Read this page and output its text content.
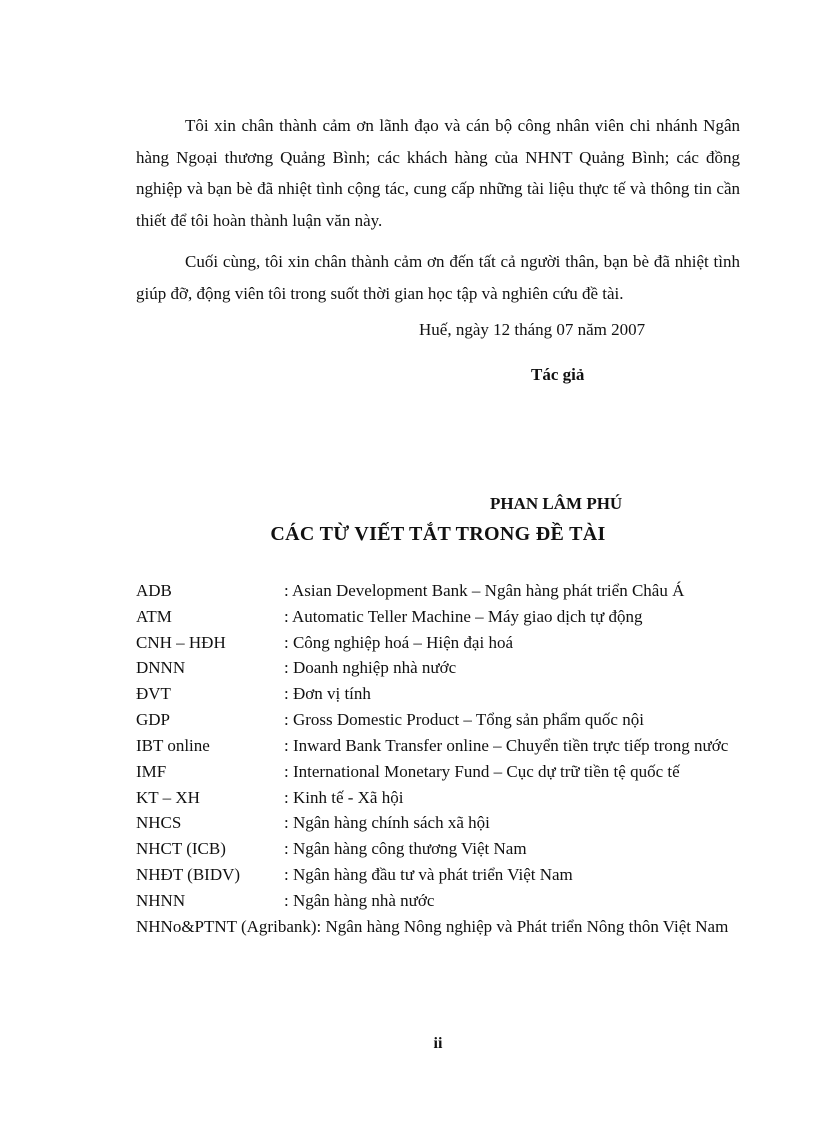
Tôi xin chân thành cảm ơn lãnh đạo và cán bộ công nhân viên chi nhánh Ngân hàng Ngoại thương Quảng Bình; các khách hàng của NHNT Quảng Bình; các đồng nghiệp và bạn bè đã nhiệt tình cộng tác, cung cấp những tài liệu thực tế và thông tin cần thiết để tôi hoàn thành luận văn này.
Cuối cùng, tôi xin chân thành cảm ơn đến tất cả người thân, bạn bè đã nhiệt tình giúp đỡ, động viên tôi trong suốt thời gian học tập và nghiên cứu đề tài.
Huế, ngày 12 tháng 07 năm 2007
Tác giả
PHAN LÂM PHÚ
CÁC TỪ VIẾT TẮT TRONG ĐỀ TÀI
ADB	: Asian Development Bank – Ngân hàng phát triển Châu Á
ATM	: Automatic Teller Machine – Máy giao dịch tự động
CNH – HĐH	: Công nghiệp hoá – Hiện đại hoá
DNNN	: Doanh nghiệp nhà nước
ĐVT	: Đơn vị tính
GDP	: Gross Domestic Product – Tổng sản phẩm quốc nội
IBT online	: Inward Bank Transfer online – Chuyển tiền trực tiếp trong nước
IMF	: International Monetary Fund – Cục dự trữ tiền tệ quốc tế
KT – XH	: Kinh tế - Xã hội
NHCS	: Ngân hàng chính sách xã hội
NHCT (ICB)	: Ngân hàng công thương Việt Nam
NHĐT (BIDV)	: Ngân hàng đầu tư và phát triển Việt Nam
NHNN	: Ngân hàng nhà nước
NHNo&PTNT (Agribank): Ngân hàng Nông nghiệp và Phát triển Nông thôn Việt Nam
ii
